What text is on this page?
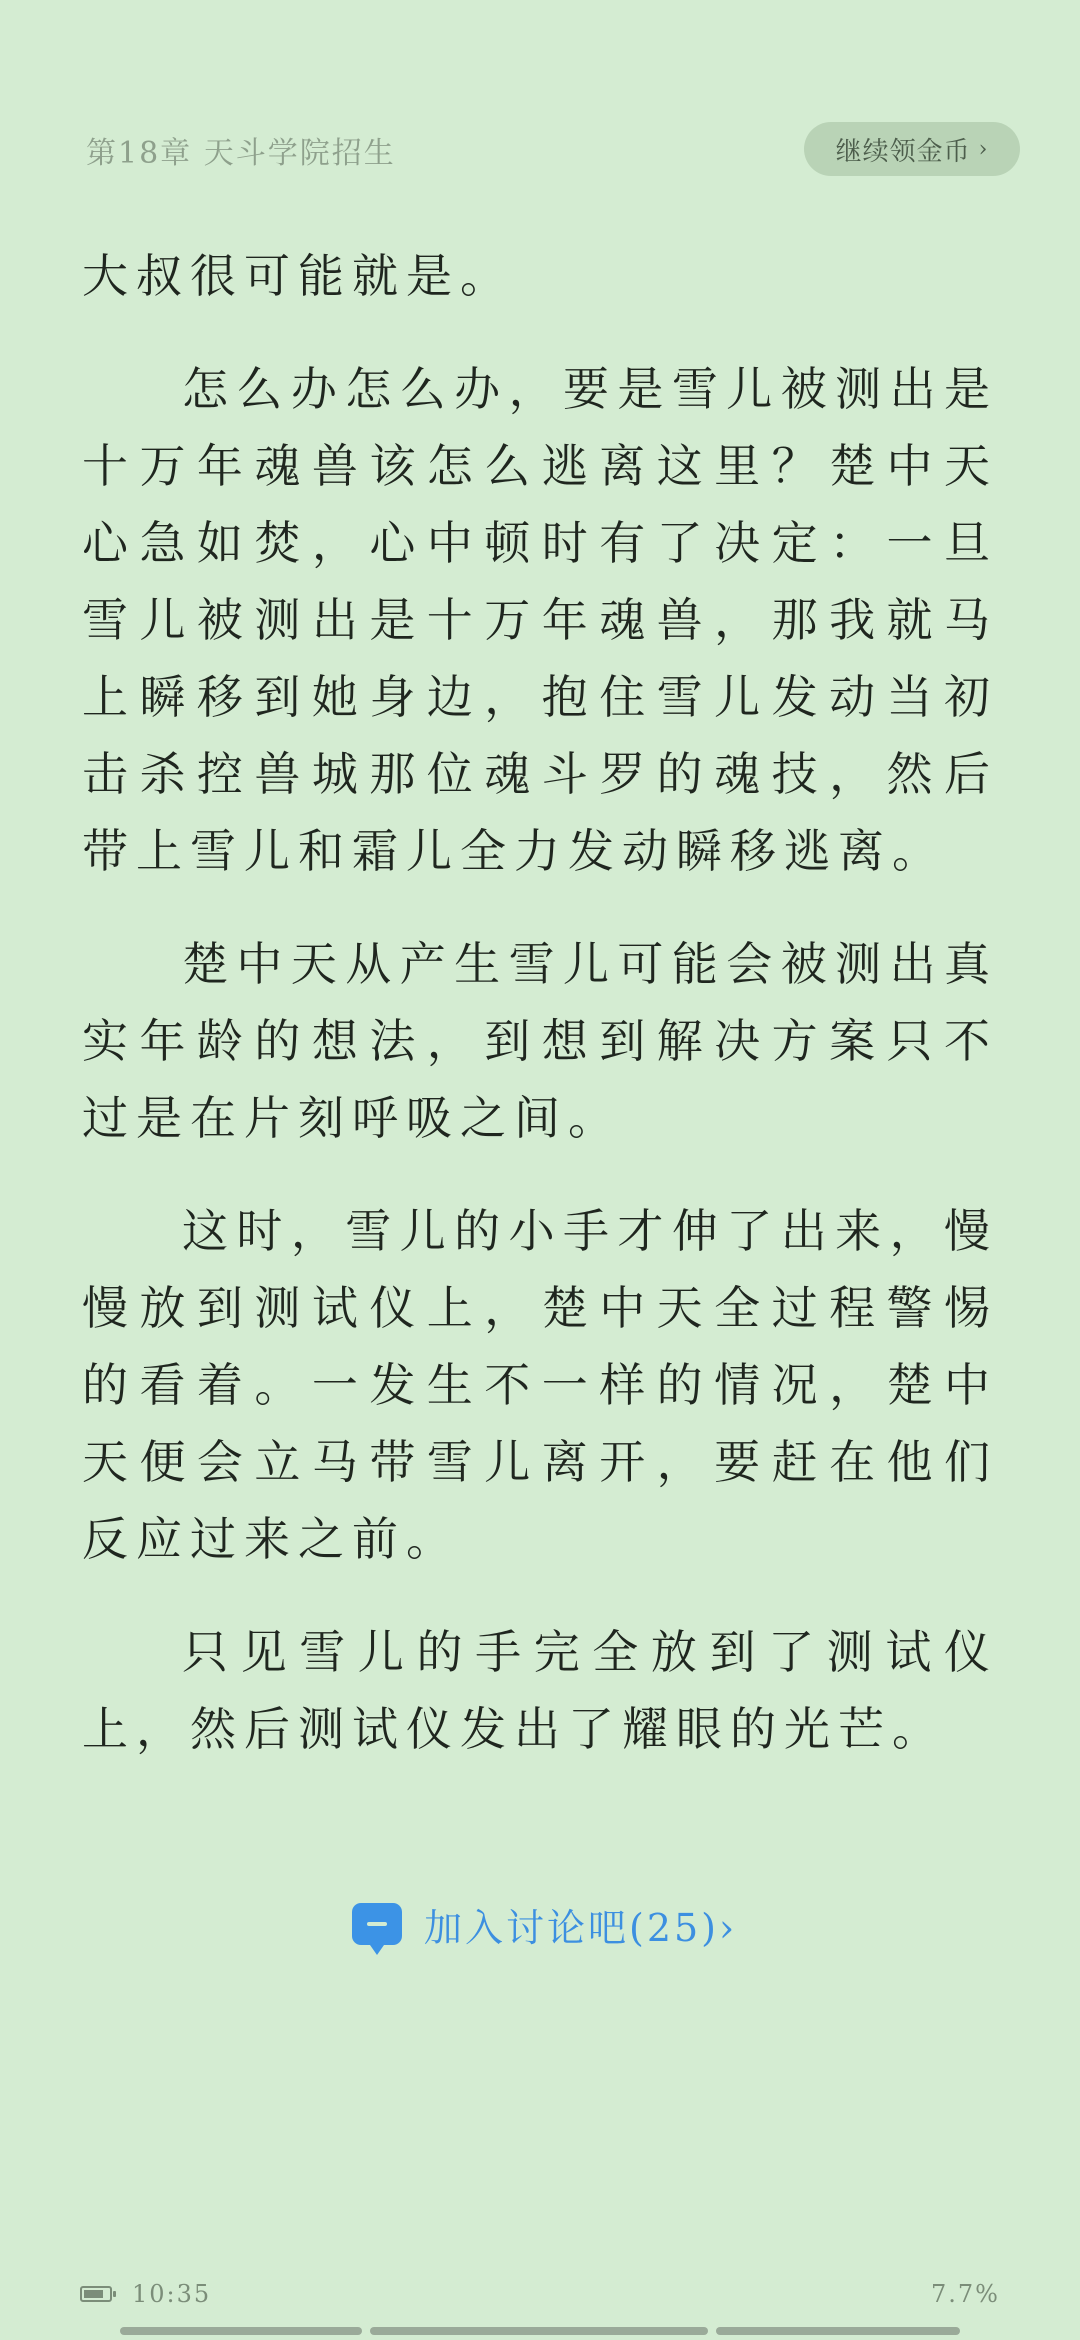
第18章 天斗学院招生	继续领金币 ›

大叔很可能就是。

怎么办怎么办，要是雪儿被测出是十万年魂兽该怎么逃离这里？楚中天心急如焚，心中顿时有了决定：一旦雪儿被测出是十万年魂兽，那我就马上瞬移到她身边，抱住雪儿发动当初击杀控兽城那位魂斗罗的魂技，然后带上雪儿和霜儿全力发动瞬移逃离。

楚中天从产生雪儿可能会被测出真实年龄的想法，到想到解决方案只不过是在片刻呼吸之间。

这时，雪儿的小手才伸了出来，慢慢放到测试仪上，楚中天全过程警惕的看着。一发生不一样的情况，楚中天便会立马带雪儿离开，要赶在他们反应过来之前。

只见雪儿的手完全放到了测试仪上，然后测试仪发出了耀眼的光芒。

加入讨论吧(25)›
10:35	7.7%
